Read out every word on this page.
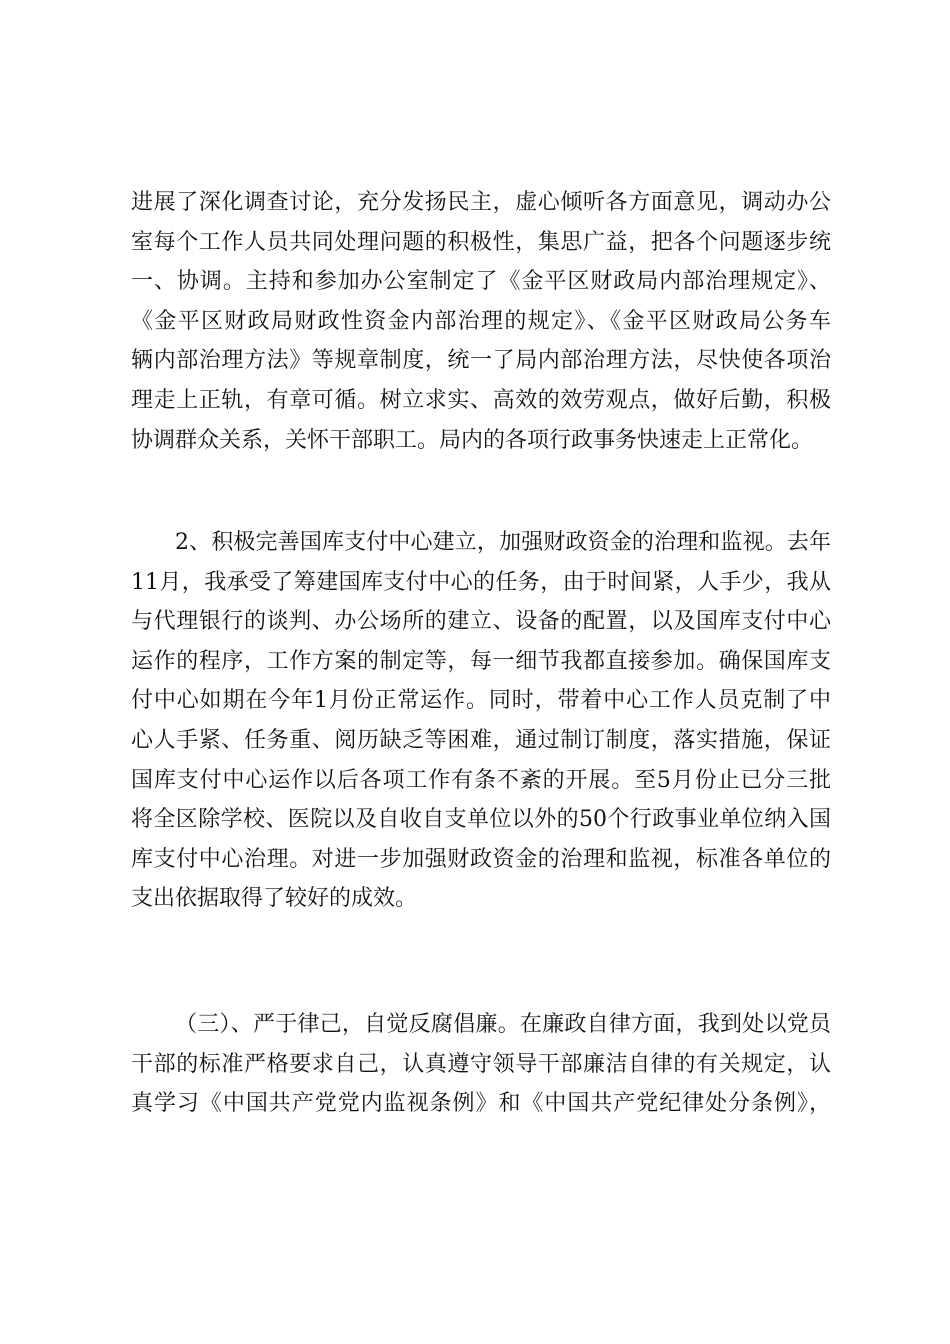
进展了深化调查讨论，充分发扬民主，虚心倾听各方面意见，调动办公
室每个工作人员共同处理问题的积极性，集思广益，把各个问题逐步统
一、协调。主持和参加办公室制定了《金平区财政局内部治理规定》、
《金平区财政局财政性资金内部治理的规定》、《金平区财政局公务车
辆内部治理方法》等规章制度，统一了局内部治理方法，尽快使各项治
理走上正轨，有章可循。树立求实、高效的效劳观点，做好后勤，积极
协调群众关系，关怀干部职工。局内的各项行政事务快速走上正常化。
2、积极完善国库支付中心建立，加强财政资金的治理和监视。去年
11月，我承受了筹建国库支付中心的任务，由于时间紧，人手少，我从
与代理银行的谈判、办公场所的建立、设备的配置，以及国库支付中心
运作的程序，工作方案的制定等，每一细节我都直接参加。确保国库支
付中心如期在今年1月份正常运作。同时，带着中心工作人员克制了中
心人手紧、任务重、阅历缺乏等困难，通过制订制度，落实措施，保证
国库支付中心运作以后各项工作有条不紊的开展。至5月份止已分三批
将全区除学校、医院以及自收自支单位以外的50个行政事业单位纳入国
库支付中心治理。对进一步加强财政资金的治理和监视，标准各单位的
支出依据取得了较好的成效。
（三）、严于律己，自觉反腐倡廉。在廉政自律方面，我到处以党员
干部的标准严格要求自己，认真遵守领导干部廉洁自律的有关规定，认
真学习《中国共产党党内监视条例》和《中国共产党纪律处分条例》，
